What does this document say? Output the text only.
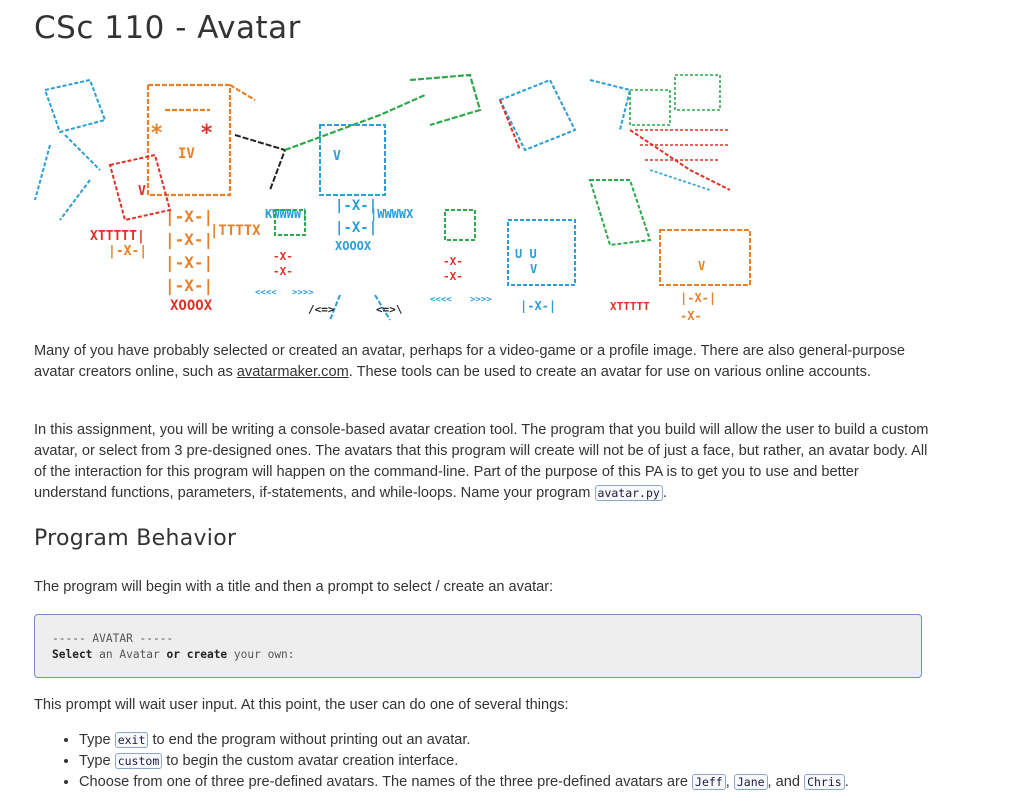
CSc 110 - Avatar
*
*
IV
|-X-|
|-X-|
|-X-|
|-X-|
|TTTTX
XOOOX
V
XTTTTT|
|-X-|
V
KWWWW| |-X-|
|-X-|
|WWWWX
XOOOX
/<=>	<=>\
-X-
-X-
<<<< >>>>
-X-
-X-
<<<< >>>>
U U
V
|-X-|
V
|-X-|
XTTTTT
-X-

Many of you have probably selected or created an avatar, perhaps for a video-game or a profile image. There are also general-purpose avatar creators online, such as avatarmaker.com. These tools can be used to create an avatar for use on various online accounts.

In this assignment, you will be writing a console-based avatar creation tool. The program that you build will allow the user to build a custom avatar, or select from 3 pre-designed ones. The avatars that this program will create will not be of just a face, but rather, an avatar body. All of the interaction for this program will happen on the command-line. Part of the purpose of this PA is to get you to use and better understand functions, parameters, if-statements, and while-loops. Name your program avatar.py .

Program Behavior

The program will begin with a title and then a prompt to select / create an avatar:

----- AVATAR -----
Select an Avatar or create your own:

This prompt will wait user input. At this point, the user can do one of several things:

• Type exit to end the program without printing out an avatar.
• Type custom to begin the custom avatar creation interface.
• Choose from one of three pre-defined avatars. The names of the three pre-defined avatars are Jeff , Jane , and Chris .
